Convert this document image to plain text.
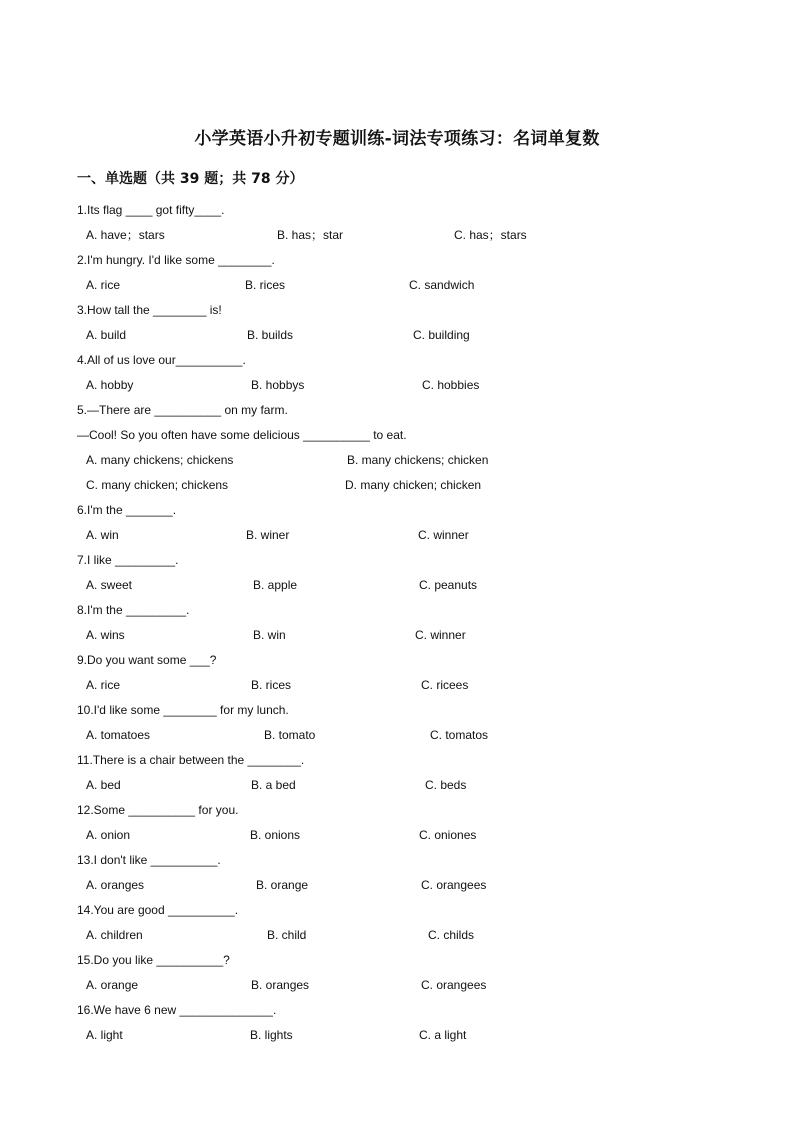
小学英语小升初专题训练-词法专项练习：名词单复数
一、单选题（共 39 题；共 78 分）
1.Its flag ____ got fifty____.
A. have；stars	B. has；star	C. has；stars
2.I'm hungry. I'd like some ________.
A. rice	B. rices	C. sandwich
3.How tall the ________ is!
A. build	B. builds	C. building
4.All of us love our__________.
A. hobby	B. hobbys	C. hobbies
5.—There are __________ on my farm.
—Cool! So you often have some delicious __________ to eat.
A. many chickens; chickens	B. many chickens; chicken
C. many chicken; chickens	D. many chicken; chicken
6.I'm the _______.
A. win	B. winer	C. winner
7.I like _________.
A. sweet	B. apple	C. peanuts
8.I'm the _________.
A. wins	B. win	C. winner
9.Do you want some ___?
A. rice	B. rices	C. ricees
10.I'd like some ________ for my lunch.
A. tomatoes	B. tomato	C. tomatos
11.There is a chair between the ________.
A. bed	B. a bed	C. beds
12.Some __________ for you.
A. onion	B. onions	C. oniones
13.I don't like __________.
A. oranges	B. orange	C. orangees
14.You are good __________.
A. children	B. child	C. childs
15.Do you like __________?
A. orange	B. oranges	C. orangees
16.We have 6 new ______________.
A. light	B. lights	C. a light
